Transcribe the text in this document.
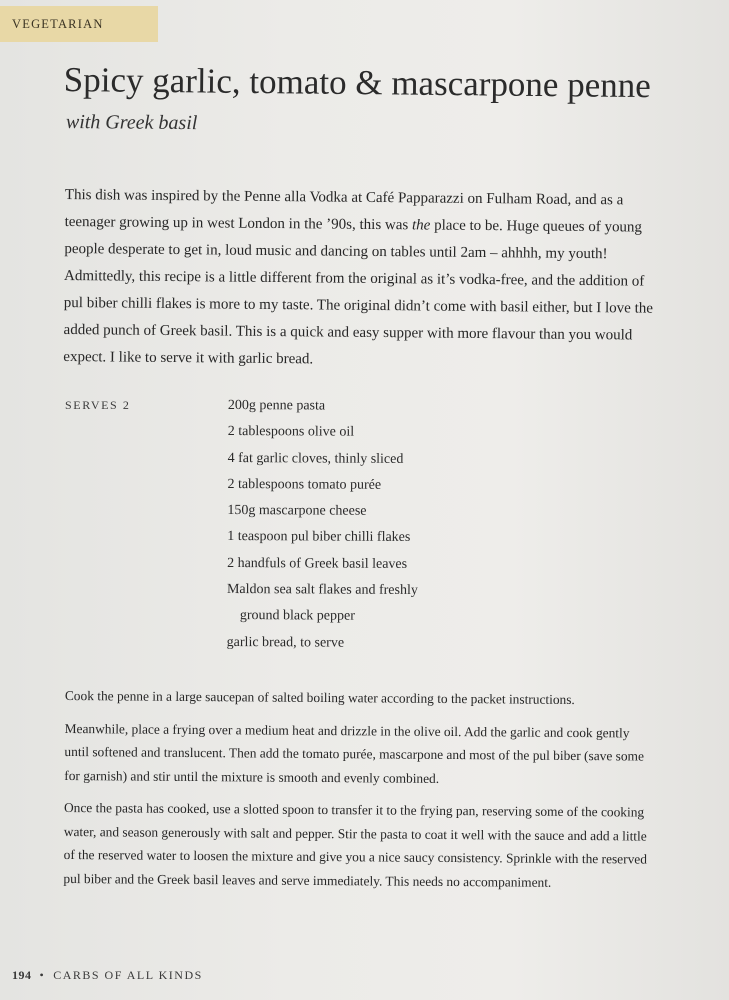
VEGETARIAN
Spicy garlic, tomato & mascarpone penne
with Greek basil

This dish was inspired by the Penne alla Vodka at Café Papparazzi on Fulham Road, and as a
teenager growing up in west London in the ’90s, this was the place to be. Huge queues of young
people desperate to get in, loud music and dancing on tables until 2am – ahhhh, my youth!
Admittedly, this recipe is a little different from the original as it’s vodka-free, and the addition of
pul biber chilli flakes is more to my taste. The original didn’t come with basil either, but I love the
added punch of Greek basil. This is a quick and easy supper with more flavour than you would
expect. I like to serve it with garlic bread.

SERVES 2	200g penne pasta
2 tablespoons olive oil
4 fat garlic cloves, thinly sliced
2 tablespoons tomato purée
150g mascarpone cheese
1 teaspoon pul biber chilli flakes
2 handfuls of Greek basil leaves
Maldon sea salt flakes and freshly
ground black pepper
garlic bread, to serve

Cook the penne in a large saucepan of salted boiling water according to the packet instructions.

Meanwhile, place a frying over a medium heat and drizzle in the olive oil. Add the garlic and cook gently
until softened and translucent. Then add the tomato purée, mascarpone and most of the pul biber (save some
for garnish) and stir until the mixture is smooth and evenly combined.

Once the pasta has cooked, use a slotted spoon to transfer it to the frying pan, reserving some of the cooking
water, and season generously with salt and pepper. Stir the pasta to coat it well with the sauce and add a little
of the reserved water to loosen the mixture and give you a nice saucy consistency. Sprinkle with the reserved
pul biber and the Greek basil leaves and serve immediately. This needs no accompaniment.

194 • CARBS OF ALL KINDS
